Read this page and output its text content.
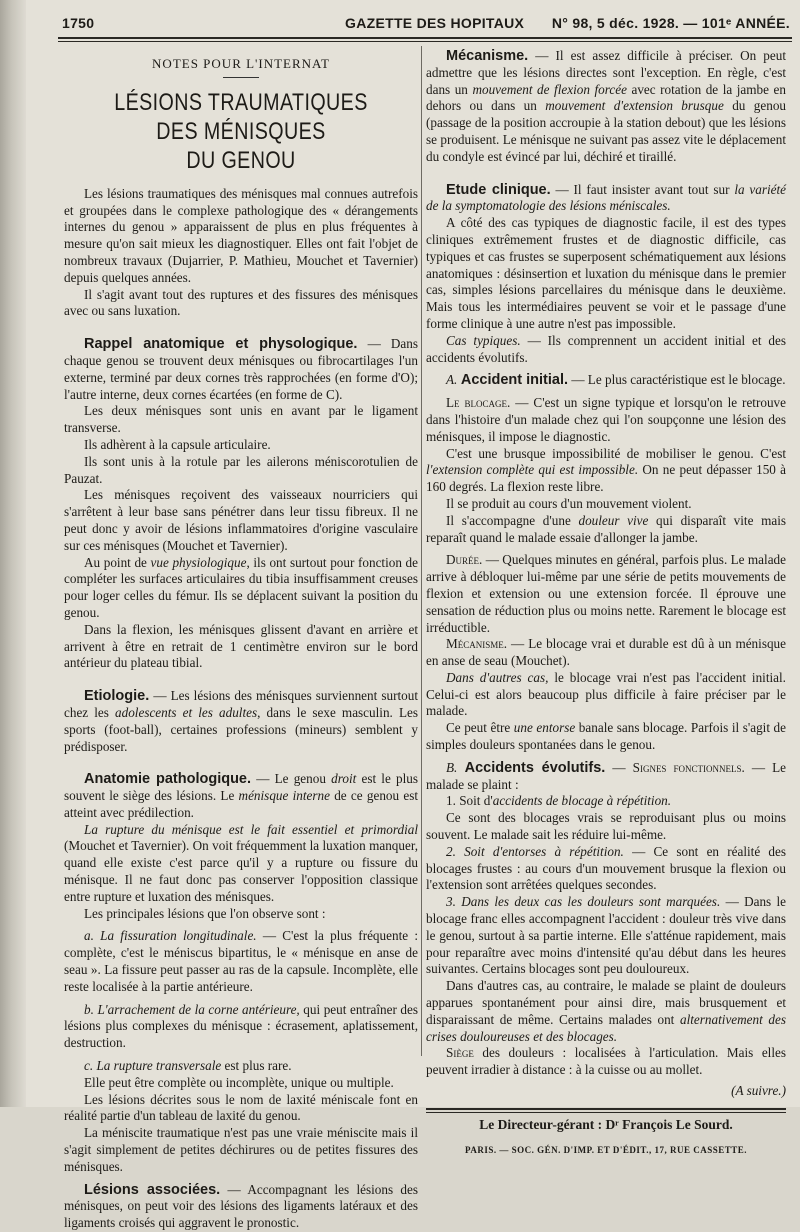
1750	GAZETTE DES HOPITAUX N° 98, 5 déc. 1928. — 101ᵉ ANNÉE.
NOTES POUR L'INTERNAT
LÉSIONS TRAUMATIQUES DES MÉNISQUES
DU GENOU

Les lésions traumatiques des ménisques mal connues autrefois et groupées dans le complexe pathologique des « dérangements internes du genou » apparaissent de plus en plus fréquentes à mesure qu'on sait mieux les diagnostiquer. Elles ont fait l'objet de nombreux travaux (Dujarrier, P. Mathieu, Mouchet et Tavernier) depuis quelques années.

Il s'agit avant tout des ruptures et des fissures des ménisques avec ou sans luxation.

Rappel anatomique et physologique. — Dans chaque genou se trouvent deux ménisques ou fibrocartilages l'un externe, terminé par deux cornes très rapprochées (en forme d'O); l'autre interne, deux cornes écartées (en forme de C).

Les deux ménisques sont unis en avant par le ligament transverse.

Ils adhèrent à la capsule articulaire.

Ils sont unis à la rotule par les ailerons méniscorotulien de Pauzat.

Les ménisques reçoivent des vaisseaux nourriciers qui s'arrêtent à leur base sans pénétrer dans leur tissu fibreux. Il ne peut donc y avoir de lésions inflammatoires d'origine vasculaire sur ces ménisques (Mouchet et Tavernier).

Au point de vue physiologique, ils ont surtout pour fonction de compléter les surfaces articulaires du tibia insuffisamment creuses pour loger celles du fémur. Ils se déplacent suivant la position du genou.

Dans la flexion, les ménisques glissent d'avant en arrière et arrivent à être en retrait de 1 centimètre environ sur le bord antérieur du plateau tibial.

Etiologie. — Les lésions des ménisques surviennent surtout chez les adolescents et les adultes, dans le sexe masculin. Les sports (foot-ball), certaines professions (mineurs) semblent y prédisposer.

Anatomie pathologique. — Le genou droit est le plus souvent le siège des lésions. Le ménisque interne de ce genou est atteint avec prédilection.

La rupture du ménisque est le fait essentiel et primordial (Mouchet et Tavernier). On voit fréquemment la luxation manquer, quand elle existe c'est parce qu'il y a rupture ou fissure du ménisque. Il ne faut donc pas conserver l'opposition classique entre rupture et luxation des ménisques.

Les principales lésions que l'on observe sont :

a. La fissuration longitudinale. — C'est la plus fréquente : complète, c'est le méniscus bipartitus, le « ménisque en anse de seau ». La fissure peut passer au ras de la capsule. Incomplète, elle reste localisée à la partie antérieure.

b. L'arrachement de la corne antérieure, qui peut entraîner des lésions plus complexes du ménisque : écrasement, aplatissement, destruction.

c. La rupture transversale est plus rare.

Elle peut être complète ou incomplète, unique ou multiple.

Les lésions décrites sous le nom de laxité méniscale font en réalité partie d'un tableau de laxité du genou.

La méniscite traumatique n'est pas une vraie méniscite mais il s'agit simplement de petites déchirures ou de petites fissures des ménisques.

Lésions associées. — Accompagnant les lésions des ménisques, on peut voir des lésions des ligaments latéraux et des ligaments croisés qui aggravent le pronostic.

Mécanisme. — Il est assez difficile à préciser. On peut admettre que les lésions directes sont l'exception. En règle, c'est dans un mouvement de flexion forcée avec rotation de la jambe en dehors ou dans un mouvement d'extension brusque du genou (passage de la position accroupie à la station debout) que les lésions se produisent. Le ménisque ne suivant pas assez vite le déplacement du condyle est évincé par lui, déchiré et tiraillé.

Etude clinique. — Il faut insister avant tout sur la variété de la symptomatologie des lésions méniscales.

A côté des cas typiques de diagnostic facile, il est des types cliniques extrêmement frustes et de diagnostic difficile, cas typiques et cas frustes se superposent schématiquement aux lésions anatomiques : désinsertion et luxation du ménisque dans le premier cas, simples lésions parcellaires du ménisque dans le deuxième. Mais tous les intermédiaires peuvent se voir et le passage d'une forme clinique à une autre n'est pas impossible.

Cas typiques. — Ils comprennent un accident initial et des accidents évolutifs.

A. Accident initial. — Le plus caractéristique est le blocage.

Le blocage. — C'est un signe typique et lorsqu'on le retrouve dans l'histoire d'un malade chez qui l'on soupçonne une lésion des ménisques, il impose le diagnostic.

C'est une brusque impossibilité de mobiliser le genou. C'est l'extension complète qui est impossible. On ne peut dépasser 150 à 160 degrés. La flexion reste libre.

Il se produit au cours d'un mouvement violent.

Il s'accompagne d'une douleur vive qui disparaît vite mais reparaît quand le malade essaie d'allonger la jambe.

Durée. — Quelques minutes en général, parfois plus. Le malade arrive à débloquer lui-même par une série de petits mouvements de flexion et extension ou une extension forcée. Il éprouve une sensation de réduction plus ou moins nette. Rarement le blocage est irréductible.

Mécanisme. — Le blocage vrai et durable est dû à un ménisque en anse de seau (Mouchet).

Dans d'autres cas, le blocage vrai n'est pas l'accident initial. Celui-ci est alors beaucoup plus difficile à faire préciser par le malade.

Ce peut être une entorse banale sans blocage. Parfois il s'agit de simples douleurs spontanées dans le genou.

B. Accidents évolutifs. — Signes fonctionnels. — Le malade se plaint :

1. Soit d'accidents de blocage à répétition.

Ce sont des blocages vrais se reproduisant plus ou moins souvent. Le malade sait les réduire lui-même.

2. Soit d'entorses à répétition. — Ce sont en réalité des blocages frustes : au cours d'un mouvement brusque la flexion ou l'extension sont arrêtées quelques secondes.

3. Dans les deux cas les douleurs sont marquées. — Dans le blocage franc elles accompagnent l'accident : douleur très vive dans le genou, surtout à sa partie interne. Elle s'atténue rapidement, mais pour reparaître avec moins d'intensité qu'au début dans les heures suivantes. Certains blocages sont peu douloureux.

Dans d'autres cas, au contraire, le malade se plaint de douleurs apparues spontanément pour ainsi dire, mais brusquement et disparaissant de même. Certains malades ont alternativement des crises douloureuses et des blocages.

Siège des douleurs : localisées à l'articulation. Mais elles peuvent irradier à distance : à la cuisse ou au mollet.

(A suivre.)
Le Directeur-gérant : Dʳ François Le Sourd.
PARIS. — SOC. GÉN. D'IMP. ET D'ÉDIT., 17, RUE CASSETTE.
